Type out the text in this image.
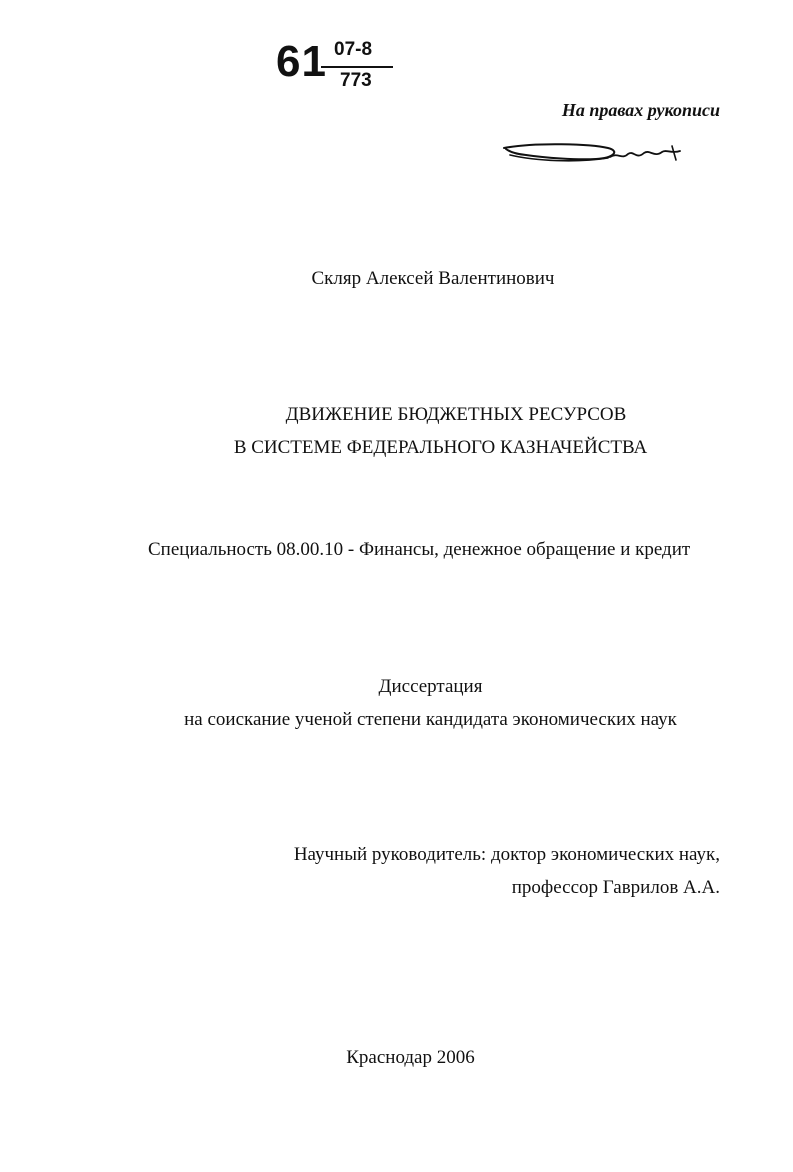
61 07-8
773
На правах рукописи
Скляр Алексей Валентинович
ДВИЖЕНИЕ БЮДЖЕТНЫХ РЕСУРСОВ
В СИСТЕМЕ ФЕДЕРАЛЬНОГО КАЗНАЧЕЙСТВА
Специальность 08.00.10 - Финансы, денежное обращение и кредит
Диссертация
на соискание ученой степени кандидата экономических наук
Научный руководитель: доктор экономических наук,
профессор Гаврилов А.А.
Краснодар 2006
